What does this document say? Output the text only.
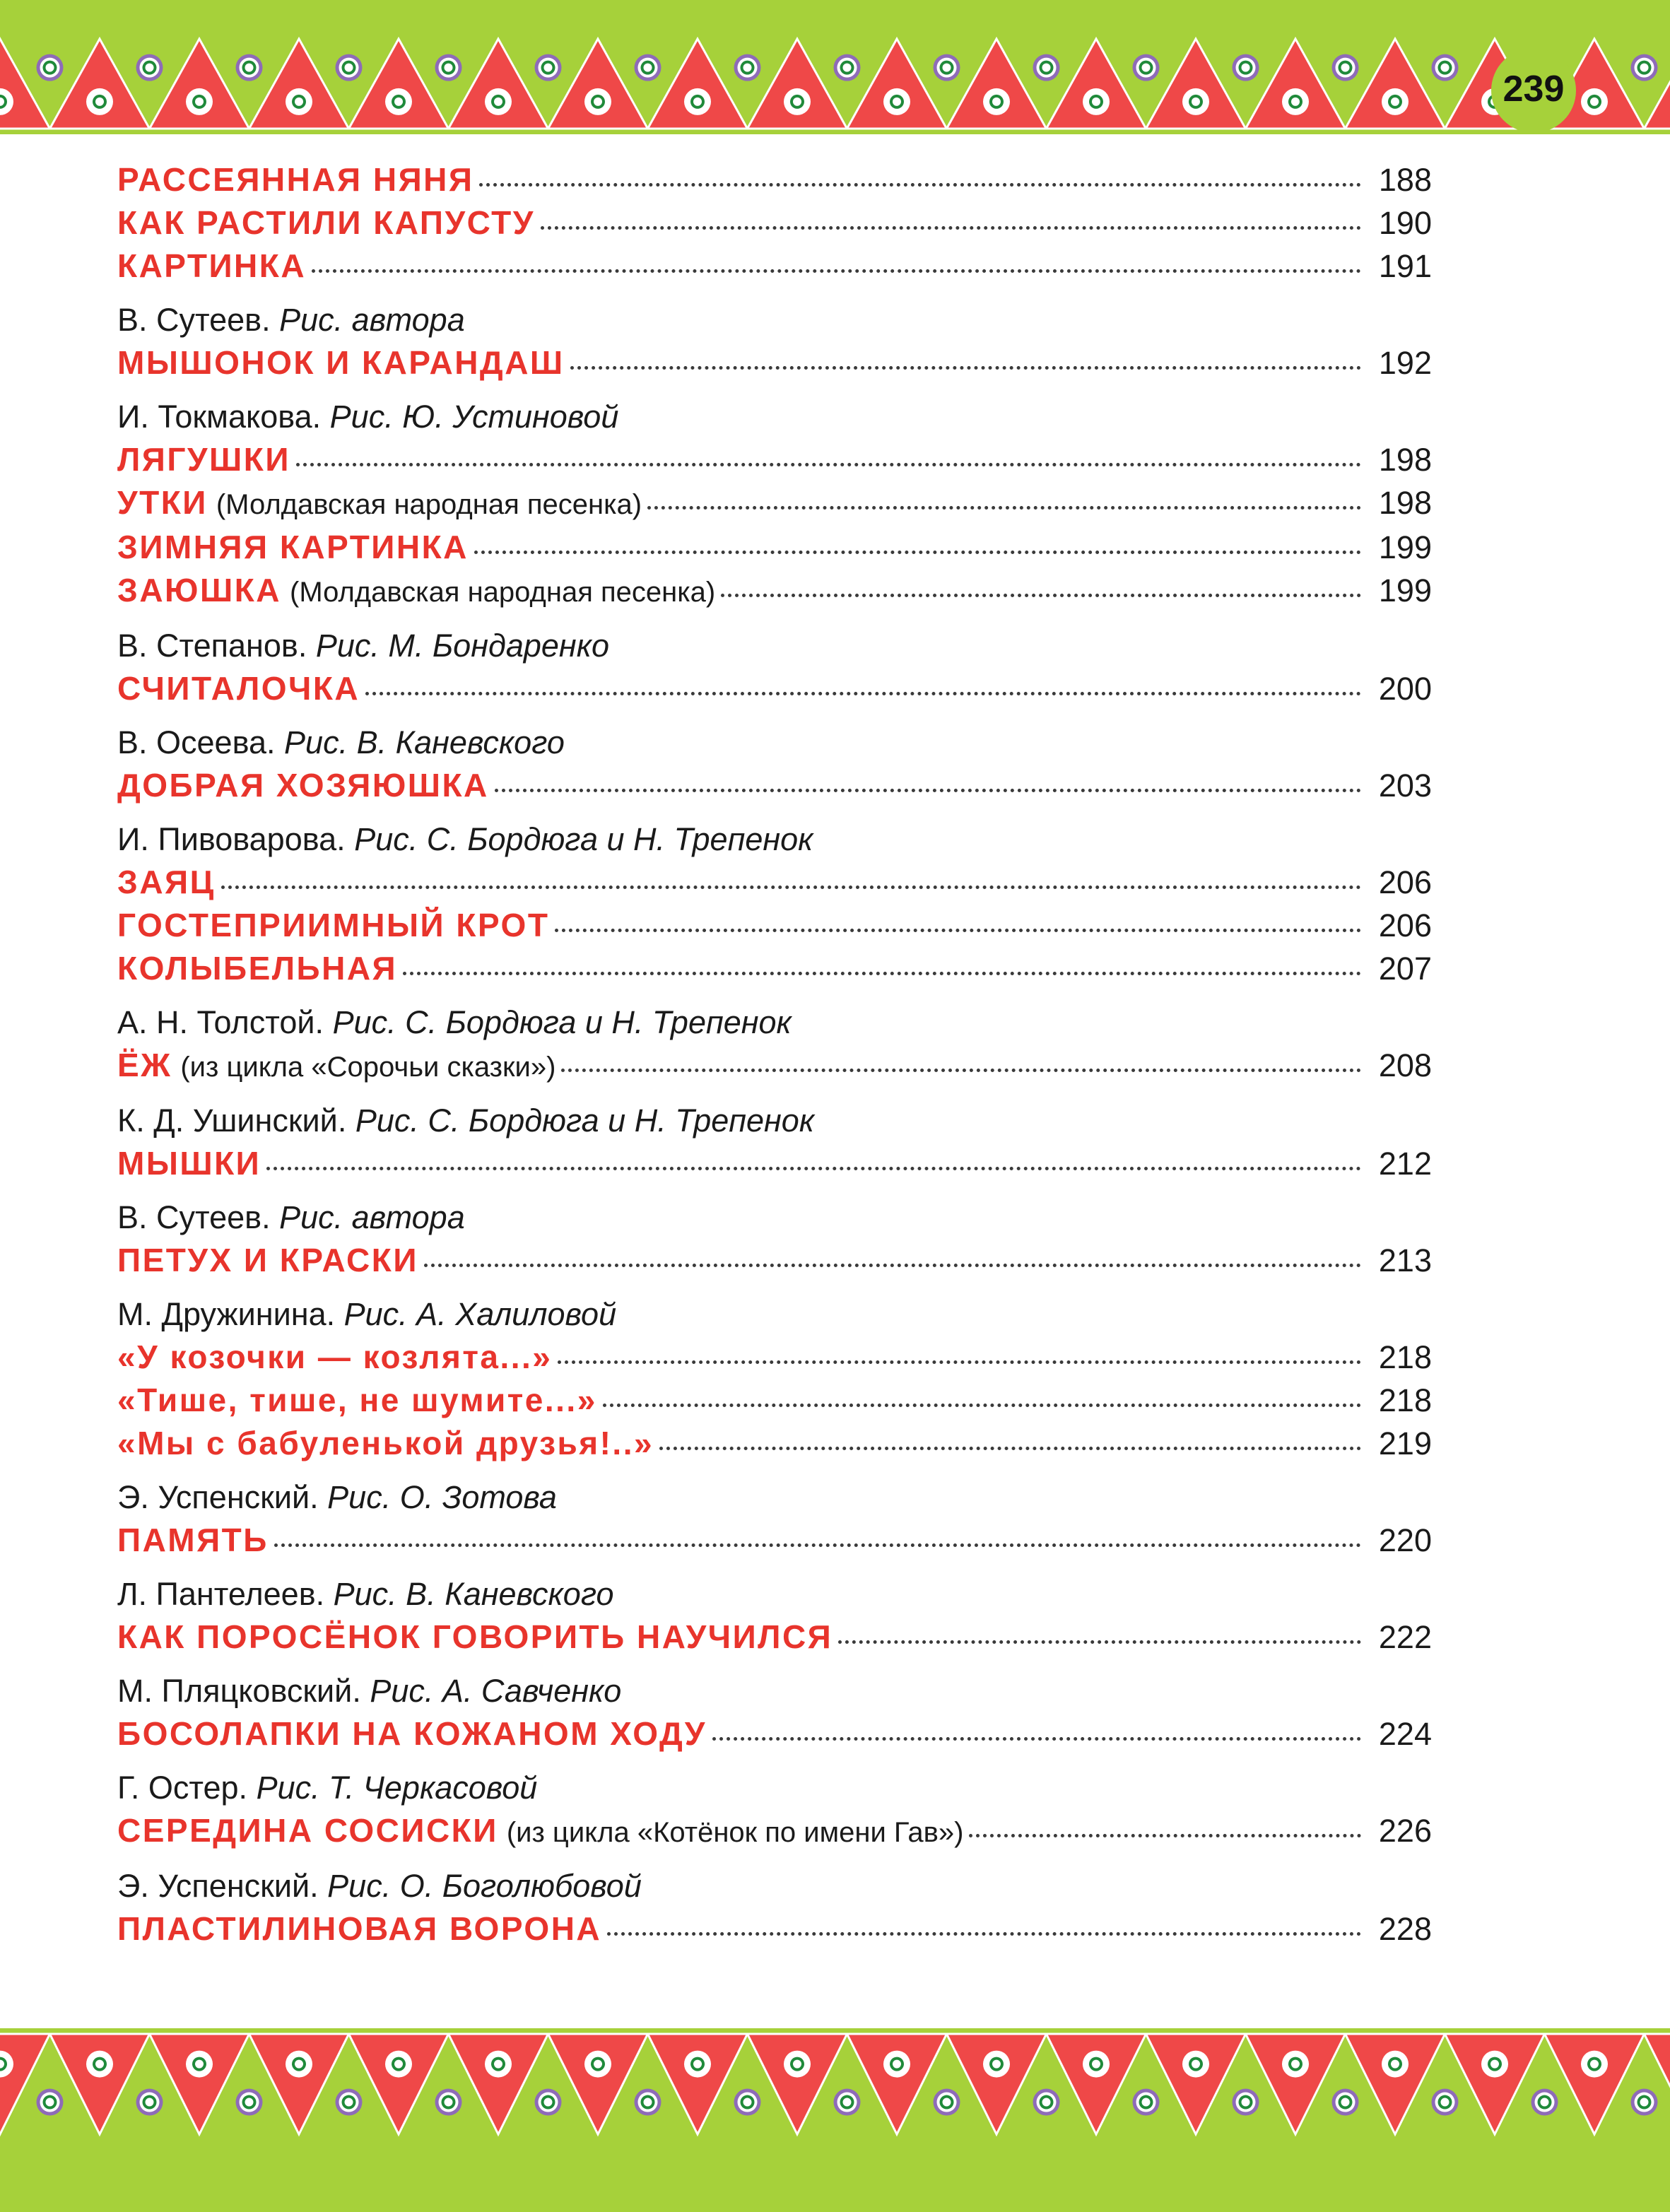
239
РАССЕЯННАЯ НЯНЯ	188
КАК РАСТИЛИ КАПУСТУ	190
КАРТИНКА	191
В. Сутеев. Рис. автора
МЫШОНОК И КАРАНДАШ	192
И. Токмакова. Рис. Ю. Устиновой
ЛЯГУШКИ	198
УТКИ (Молдавская народная песенка)	198
ЗИМНЯЯ КАРТИНКА	199
ЗАЮШКА (Молдавская народная песенка)	199
В. Степанов. Рис. М. Бондаренко
СЧИТАЛОЧКА	200
В. Осеева. Рис. В. Каневского
ДОБРАЯ ХОЗЯЮШКА	203
И. Пивоварова. Рис. С. Бордюга и Н. Трепенок
ЗАЯЦ	206
ГОСТЕПРИИМНЫЙ КРОТ	206
КОЛЫБЕЛЬНАЯ	207
А. Н. Толстой. Рис. С. Бордюга и Н. Трепенок
ЁЖ (из цикла «Сорочьи сказки»)	208
К. Д. Ушинский. Рис. С. Бордюга и Н. Трепенок
МЫШКИ	212
В. Сутеев. Рис. автора
ПЕТУХ И КРАСКИ	213
М. Дружинина. Рис. А. Халиловой
«У козочки — козлята...»	218
«Тише, тише, не шумите...»	218
«Мы с бабуленькой друзья!..»	219
Э. Успенский. Рис. О. Зотова
ПАМЯТЬ	220
Л. Пантелеев. Рис. В. Каневского
КАК ПОРОСЁНОК ГОВОРИТЬ НАУЧИЛСЯ	222
М. Пляцковский. Рис. А. Савченко
БОСОЛАПКИ НА КОЖАНОМ ХОДУ	224
Г. Остер. Рис. Т. Черкасовой
СЕРЕДИНА СОСИСКИ (из цикла «Котёнок по имени Гав»)	226
Э. Успенский. Рис. О. Боголюбовой
ПЛАСТИЛИНОВАЯ ВОРОНА	228
